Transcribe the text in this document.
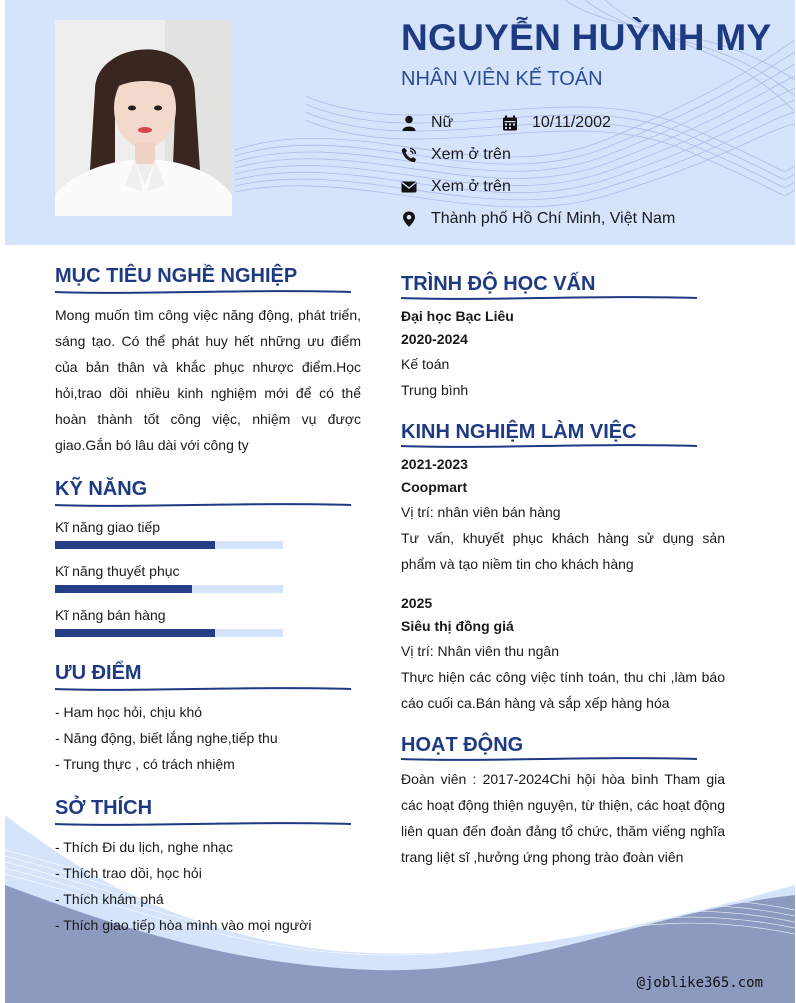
NGUYỄN HUỲNH MY
NHÂN VIÊN KẾ TOÁN
Nữ	10/11/2002
Xem ở trên
Xem ở trên
Thành phố Hồ Chí Minh, Việt Nam
MỤC TIÊU NGHỀ NGHIỆP
Mong muốn tìm công việc năng động, phát triển, sáng tạo. Có thể phát huy hết những ưu điểm của bản thân và khắc phục nhược điểm.Học hỏi,trao dồi nhiều kinh nghiệm mới để có thể hoàn thành tốt công việc, nhiệm vụ được giao.Gắn bó lâu dài với công ty
KỸ NĂNG
Kĩ năng giao tiếp
Kĩ năng thuyết phục
Kĩ năng bán hàng
ƯU ĐIỂM
- Ham học hỏi, chịu khó
- Năng động, biết lắng nghe,tiếp thu
- Trung thực , có trách nhiệm
SỞ THÍCH
- Thích Đi du lịch, nghe nhạc
- Thích trao dồi, học hỏi
- Thích khám phá
- Thích giao tiếp hòa mình vào mọi người
TRÌNH ĐỘ HỌC VẤN
Đại học Bạc Liêu
2020-2024
Kế toán
Trung bình
KINH NGHIỆM LÀM VIỆC
2021-2023
Coopmart
Vị trí: nhân viên bán hàng
Tư vấn, khuyết phục khách hàng sử dụng sản phẩm và tạo niềm tin cho khách hàng
2025
Siêu thị đồng giá
Vị trí: Nhân viên thu ngân
Thực hiện các công việc tính toán, thu chi ,làm báo cáo cuối ca.Bán hàng và sắp xếp hàng hóa
HOẠT ĐỘNG
Đoàn viên : 2017-2024Chi hội hòa bình Tham gia các hoạt động thiện nguyện, từ thiện, các hoạt động liên quan đến đoàn đảng tổ chức, thăm viếng nghĩa trang liệt sĩ ,hưởng ứng phong trào đoàn viên
@joblike365.com
